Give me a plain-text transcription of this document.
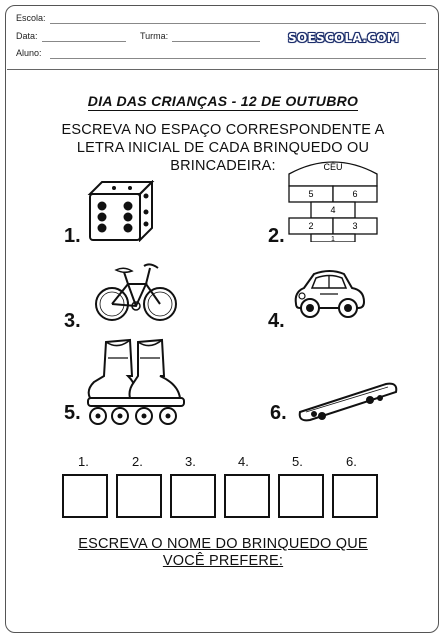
Escola:
Data:	Turma:	SOESCOLA.COM
Aluno:
DIA DAS CRIANÇAS - 12 DE OUTUBRO
ESCREVA NO ESPAÇO CORRESPONDENTE A
LETRA INICIAL DE CADA BRINQUEDO OU
BRINCADEIRA:
1.	2.
CÉU
5	6
4
2	3
1
3.	4.
5.	6.
1.	2.	3.	4.	5.	6.
ESCREVA O NOME DO BRINQUEDO QUE
VOCÊ PREFERE:
